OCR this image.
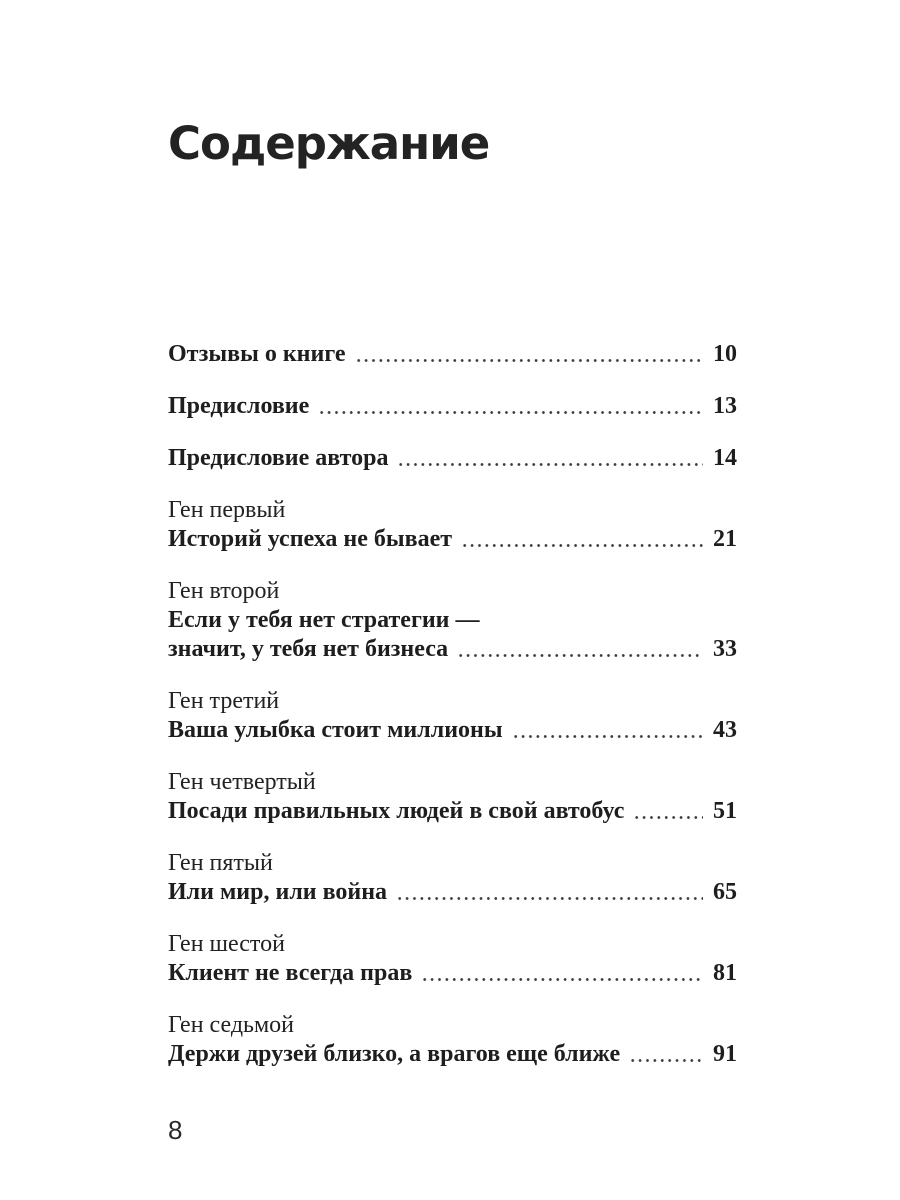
Содержание
Отзывы о книге	10
Предисловие	13
Предисловие автора	14
Ген первый
Историй успеха не бывает	21
Ген второй
Если у тебя нет стратегии —
значит, у тебя нет бизнеса	33
Ген третий
Ваша улыбка стоит миллионы	43
Ген четвертый
Посади правильных людей в свой автобус	51
Ген пятый
Или мир, или война	65
Ген шестой
Клиент не всегда прав	81
Ген седьмой
Держи друзей близко, а врагов еще ближе	91
8
